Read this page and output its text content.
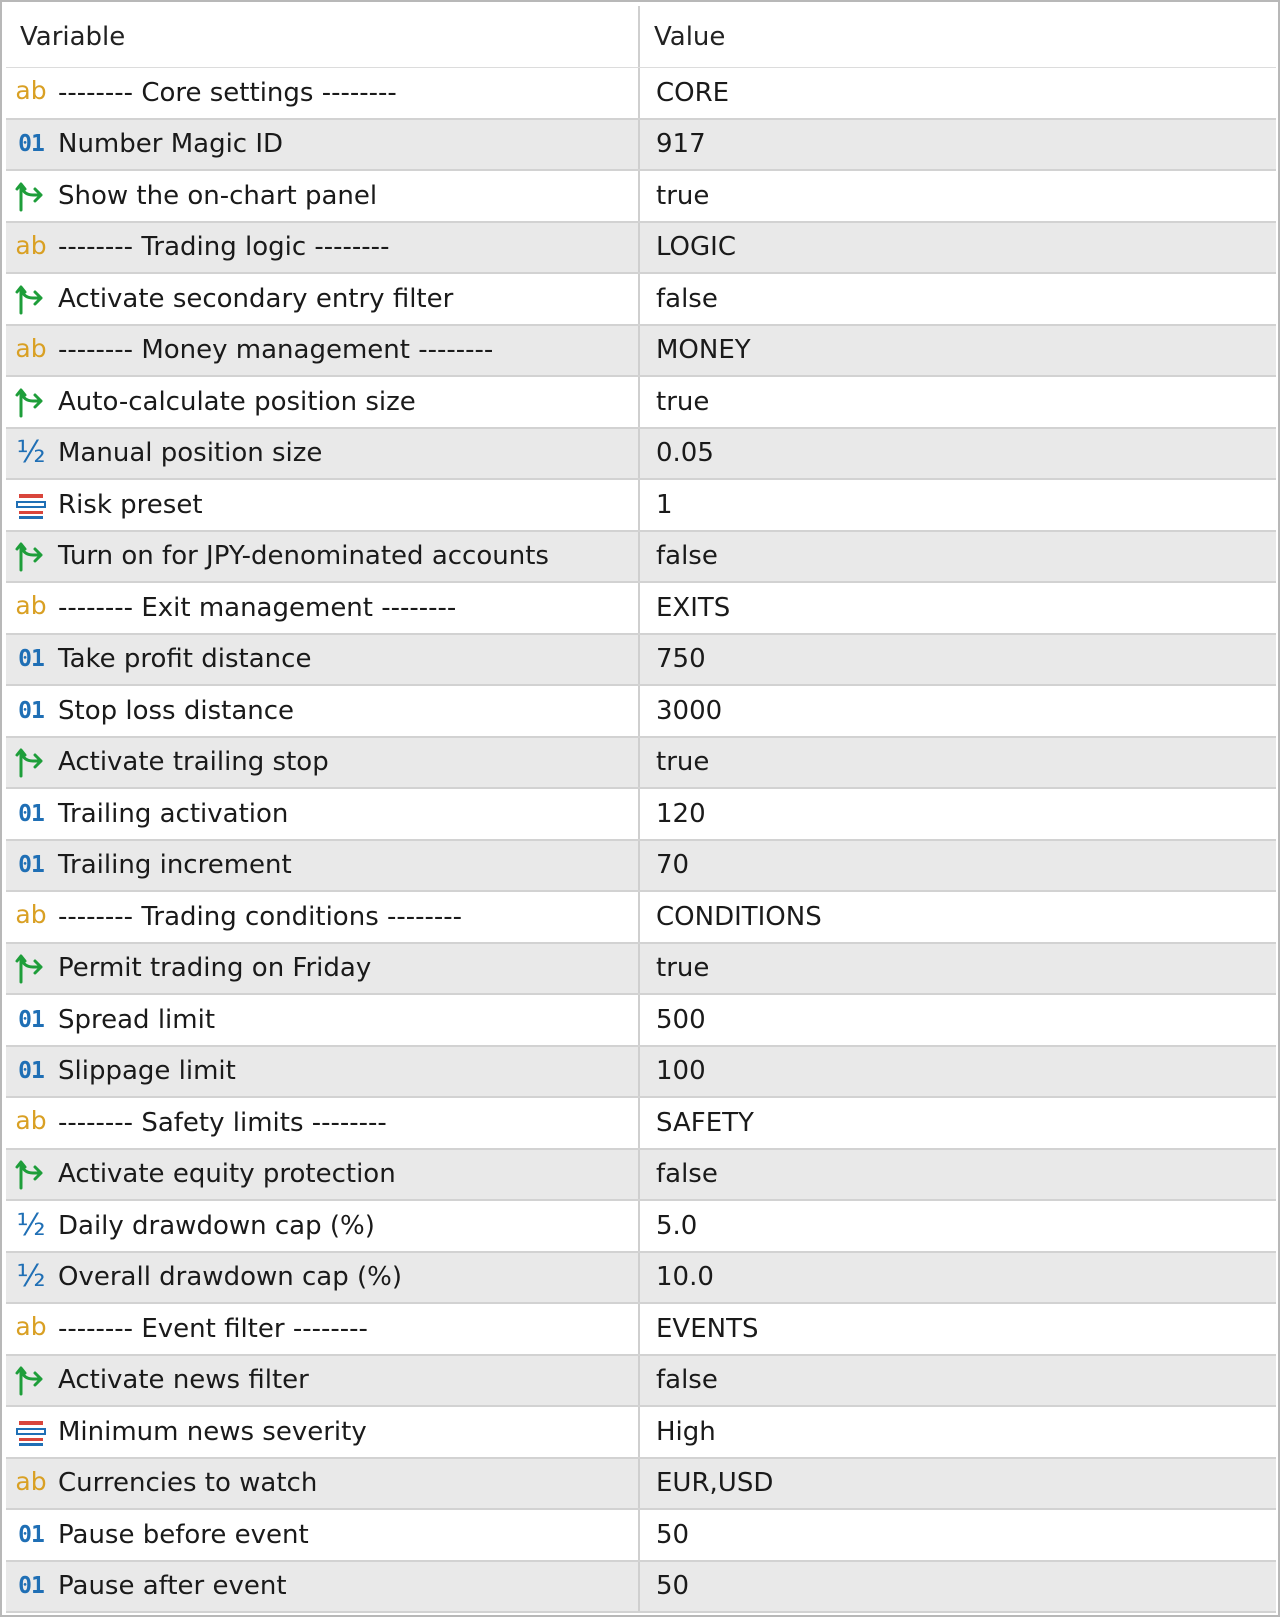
Variable	Value
ab -------- Core settings --------	CORE
01 Number Magic ID	917
Show the on-chart panel	true
ab -------- Trading logic --------	LOGIC
Activate secondary entry filter	false
ab -------- Money management --------	MONEY
Auto-calculate position size	true
½ Manual position size	0.05
Risk preset	1
Turn on for JPY-denominated accounts	false
ab -------- Exit management --------	EXITS
01 Take profit distance	750
01 Stop loss distance	3000
Activate trailing stop	true
01 Trailing activation	120
01 Trailing increment	70
ab -------- Trading conditions --------	CONDITIONS
Permit trading on Friday	true
01 Spread limit	500
01 Slippage limit	100
ab -------- Safety limits --------	SAFETY
Activate equity protection	false
½ Daily drawdown cap (%)	5.0
½ Overall drawdown cap (%)	10.0
ab -------- Event filter --------	EVENTS
Activate news filter	false
Minimum news severity	High
ab Currencies to watch	EUR,USD
01 Pause before event	50
01 Pause after event	50
